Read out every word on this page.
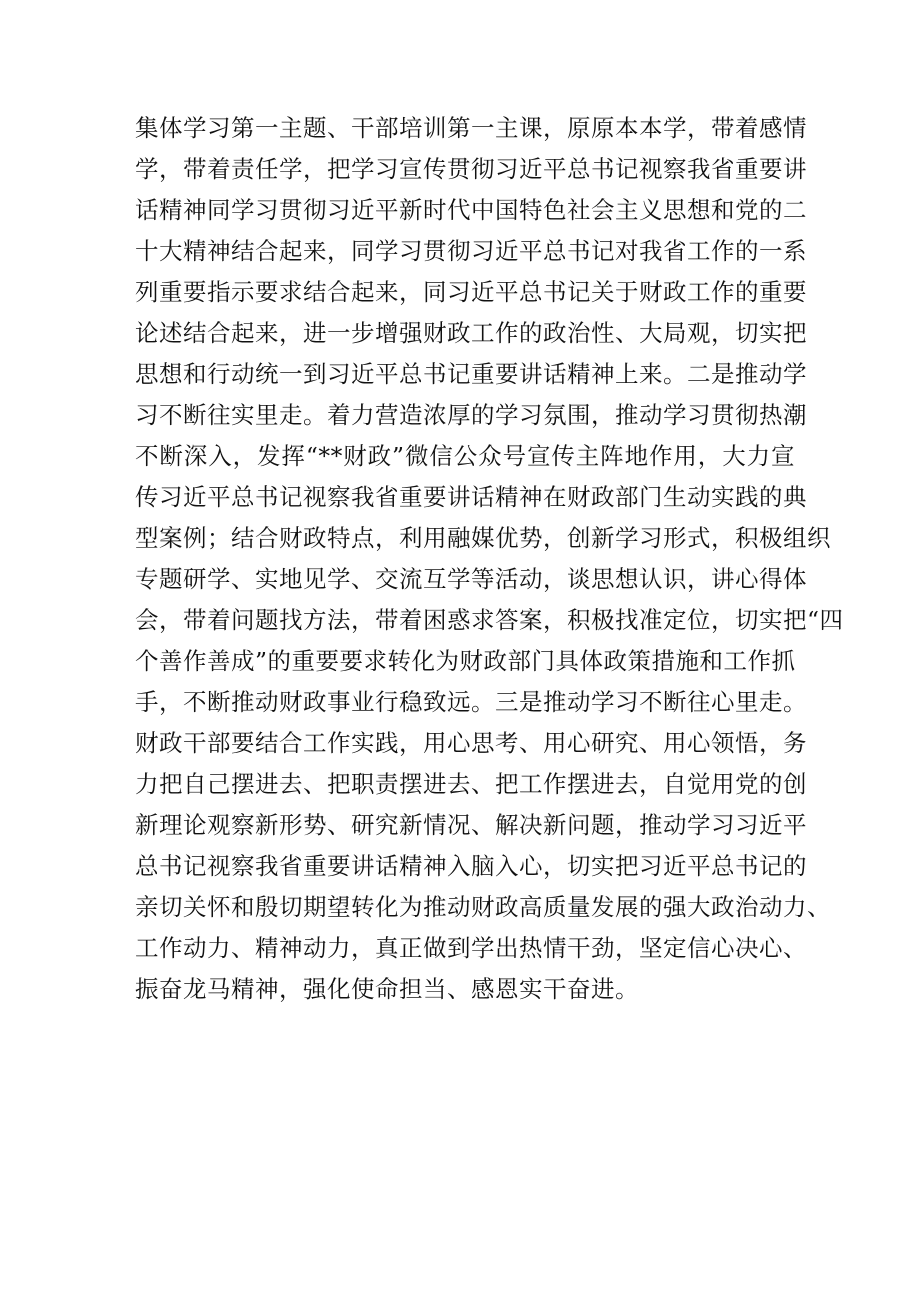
集体学习第一主题、干部培训第一主课，原原本本学，带着感情
学，带着责任学，把学习宣传贯彻习近平总书记视察我省重要讲
话精神同学习贯彻习近平新时代中国特色社会主义思想和党的二
十大精神结合起来，同学习贯彻习近平总书记对我省工作的一系
列重要指示要求结合起来，同习近平总书记关于财政工作的重要
论述结合起来，进一步增强财政工作的政治性、大局观，切实把
思想和行动统一到习近平总书记重要讲话精神上来。二是推动学
习不断往实里走。着力营造浓厚的学习氛围，推动学习贯彻热潮
不断深入，发挥“**财政”微信公众号宣传主阵地作用，大力宣
传习近平总书记视察我省重要讲话精神在财政部门生动实践的典
型案例；结合财政特点，利用融媒优势，创新学习形式，积极组织
专题研学、实地见学、交流互学等活动，谈思想认识，讲心得体
会，带着问题找方法，带着困惑求答案，积极找准定位，切实把“四
个善作善成”的重要要求转化为财政部门具体政策措施和工作抓
手，不断推动财政事业行稳致远。三是推动学习不断往心里走。
财政干部要结合工作实践，用心思考、用心研究、用心领悟，务
力把自己摆进去、把职责摆进去、把工作摆进去，自觉用党的创
新理论观察新形势、研究新情况、解决新问题，推动学习习近平
总书记视察我省重要讲话精神入脑入心，切实把习近平总书记的
亲切关怀和殷切期望转化为推动财政高质量发展的强大政治动力、
工作动力、精神动力，真正做到学出热情干劲，坚定信心决心、
振奋龙马精神，强化使命担当、感恩实干奋进。
